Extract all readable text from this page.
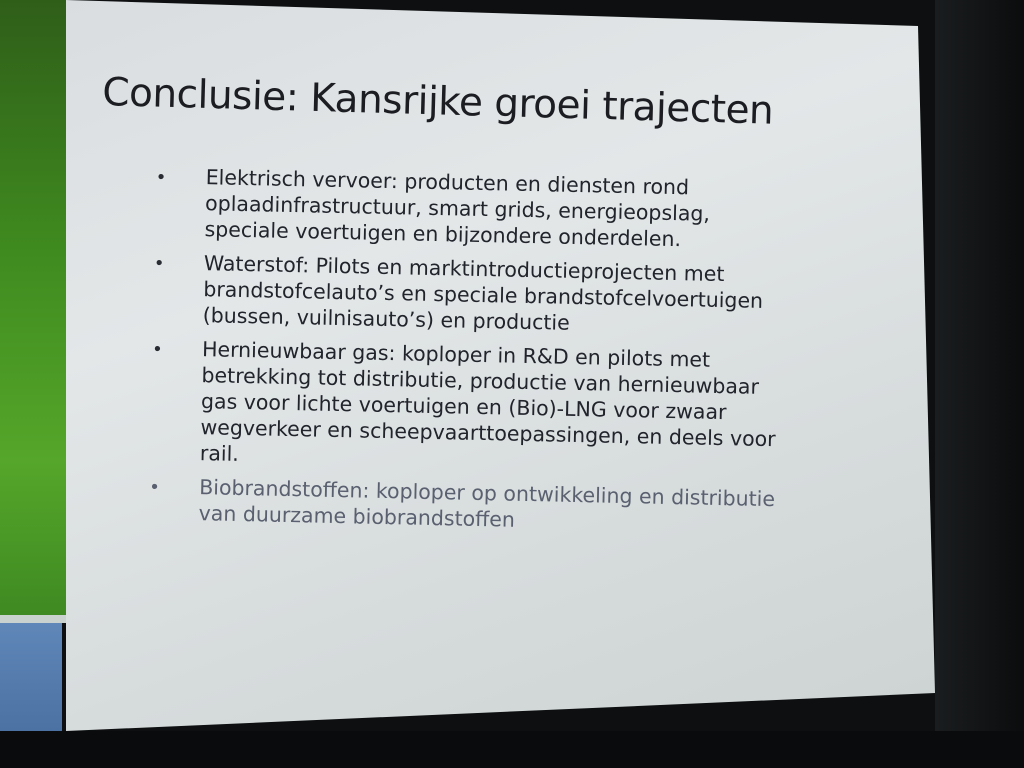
Conclusie: Kansrijke groei trajecten
• Elektrisch vervoer: producten en diensten rond oplaadinfrastructuur, smart grids, energieopslag, speciale voertuigen en bijzondere onderdelen.
• Waterstof: Pilots en marktintroductieprojecten met brandstofcelauto’s en speciale brandstofcelvoertuigen (bussen, vuilnisauto’s) en productie
• Hernieuwbaar gas: koploper in R&D en pilots met betrekking tot distributie, productie van hernieuwbaar gas voor lichte voertuigen en (Bio)-LNG voor zwaar wegverkeer en scheepvaarttoepassingen, en deels voor rail.
• Biobrandstoffen: koploper op ontwikkeling en distributie van duurzame biobrandstoffen
